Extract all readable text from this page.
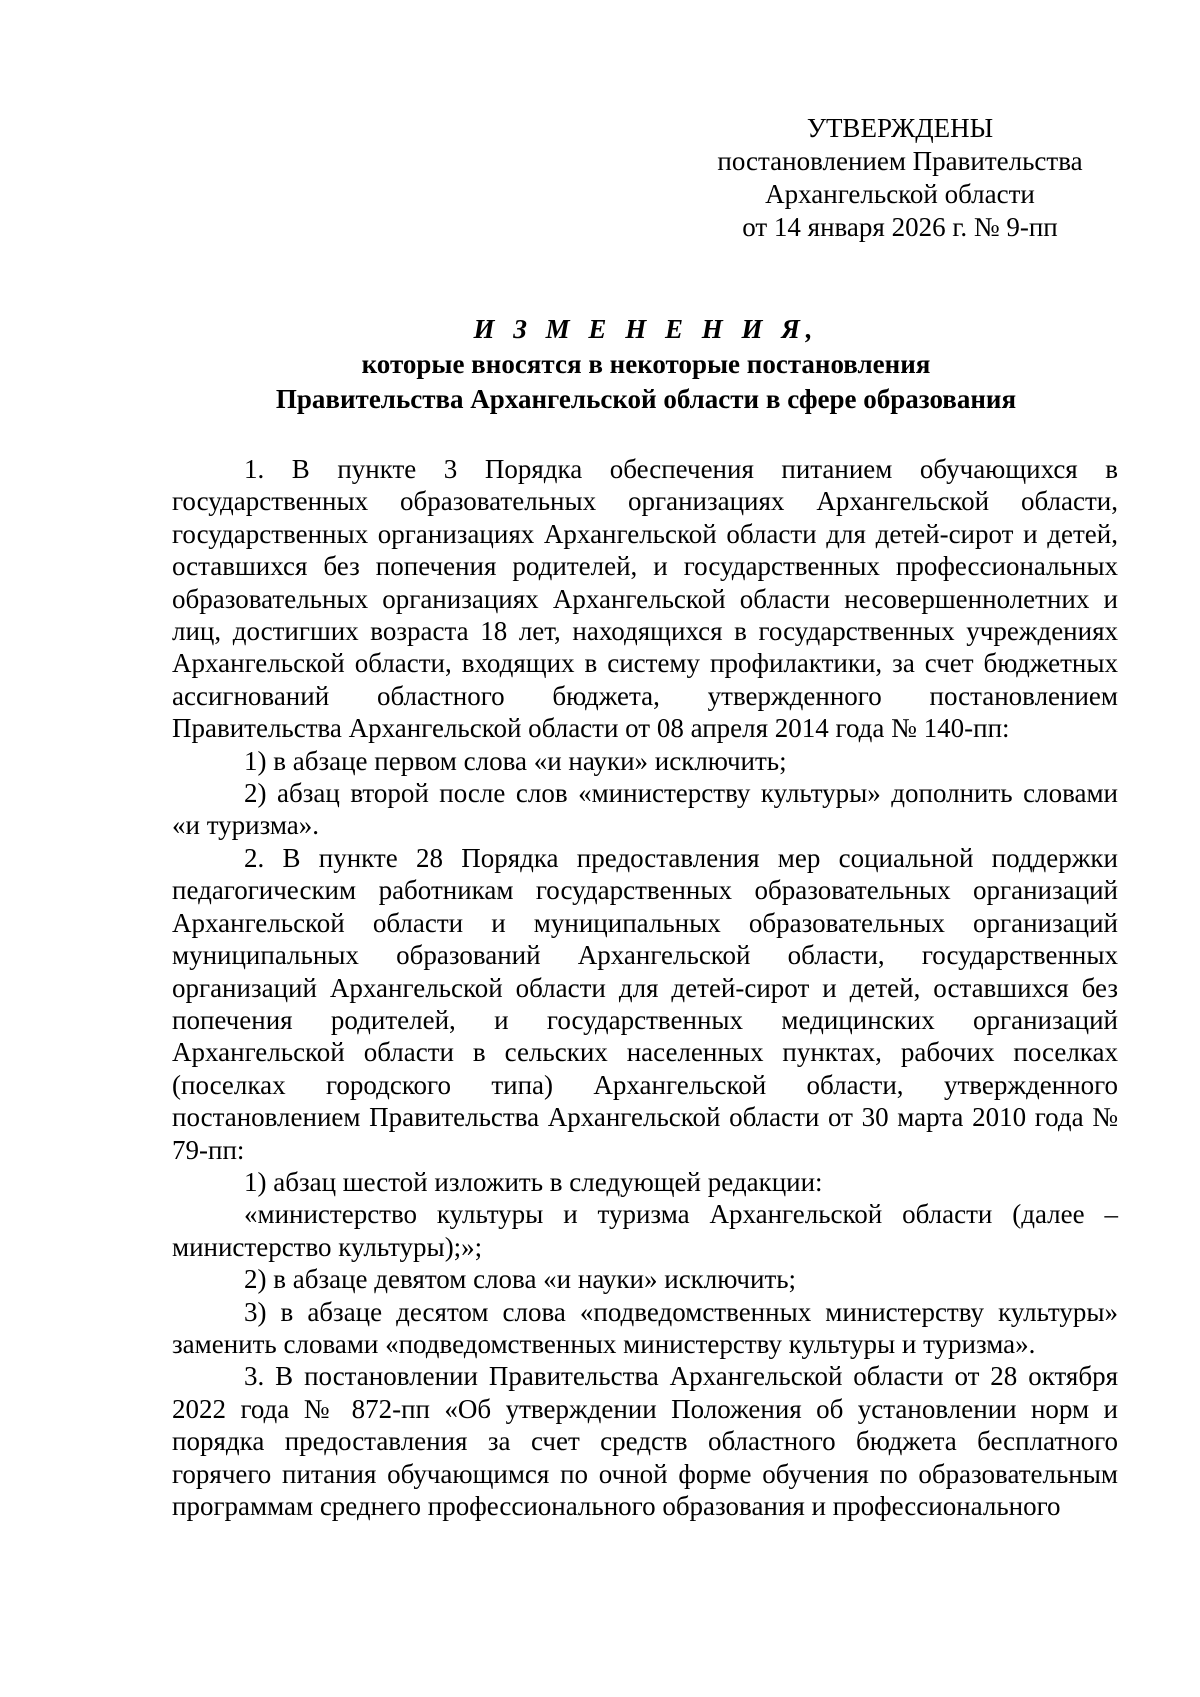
УТВЕРЖДЕНЫ
постановлением Правительства
Архангельской области
от 14 января 2026 г. № 9-пп
И З М Е Н Е Н И Я,
которые вносятся в некоторые постановления
Правительства Архангельской области в сфере образования

1. В пункте 3 Порядка обеспечения питанием обучающихся в государственных образовательных организациях Архангельской области, государственных организациях Архангельской области для детей-сирот и детей, оставшихся без попечения родителей, и государственных профессиональных образовательных организациях Архангельской области несовершеннолетних и лиц, достигших возраста 18 лет, находящихся в государственных учреждениях Архангельской области, входящих в систему профилактики, за счет бюджетных ассигнований областного бюджета, утвержденного постановлением Правительства Архангельской области от 08 апреля 2014 года № 140-пп:

1) в абзаце первом слова «и науки» исключить;

2) абзац второй после слов «министерству культуры» дополнить словами «и туризма».

2. В пункте 28 Порядка предоставления мер социальной поддержки педагогическим работникам государственных образовательных организаций Архангельской области и муниципальных образовательных организаций муниципальных образований Архангельской области, государственных организаций Архангельской области для детей-сирот и детей, оставшихся без попечения родителей, и государственных медицинских организаций Архангельской области в сельских населенных пунктах, рабочих поселках (поселках городского типа) Архангельской области, утвержденного постановлением Правительства Архангельской области от 30 марта 2010 года № 79-пп:

1) абзац шестой изложить в следующей редакции:

«министерство культуры и туризма Архангельской области (далее – министерство культуры);»;

2) в абзаце девятом слова «и науки» исключить;

3) в абзаце десятом слова «подведомственных министерству культуры» заменить словами «подведомственных министерству культуры и туризма».

3. В постановлении Правительства Архангельской области от 28 октября 2022 года № 872-пп «Об утверждении Положения об установлении норм и порядка предоставления за счет средств областного бюджета бесплатного горячего питания обучающимся по очной форме обучения по образовательным программам среднего профессионального образования и профессионального
